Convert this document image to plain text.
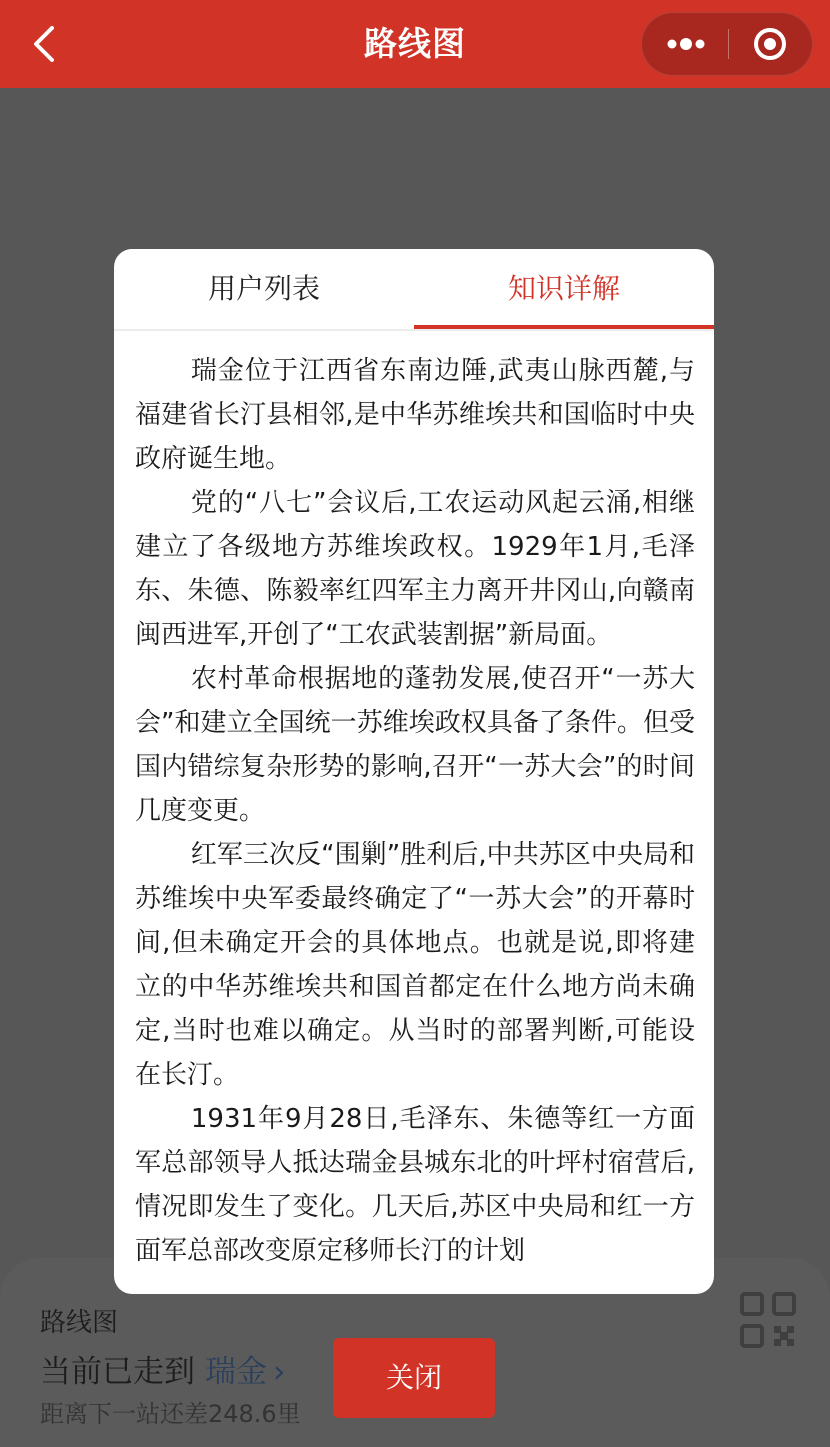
路线图
路线图
当前已走到 瑞金 ›
距离下一站还差248.6里
关闭
用户列表	知识详解

瑞金位于江西省东南边陲,武夷山脉西麓,与福建省长汀县相邻,是中华苏维埃共和国临时中央政府诞生地。

党的“八七”会议后,工农运动风起云涌,相继建立了各级地方苏维埃政权。1929年1月,毛泽东、朱德、陈毅率红四军主力离开井冈山,向赣南闽西进军,开创了“工农武装割据”新局面。

农村革命根据地的蓬勃发展,使召开“一苏大会”和建立全国统一苏维埃政权具备了条件。但受国内错综复杂形势的影响,召开“一苏大会”的时间几度变更。

红军三次反“围剿”胜利后,中共苏区中央局和苏维埃中央军委最终确定了“一苏大会”的开幕时间,但未确定开会的具体地点。也就是说,即将建立的中华苏维埃共和国首都定在什么地方尚未确定,当时也难以确定。从当时的部署判断,可能设在长汀。

1931年9月28日,毛泽东、朱德等红一方面军总部领导人抵达瑞金县城东北的叶坪村宿营后,情况即发生了变化。几天后,苏区中央局和红一方面军总部改变原定移师长汀的计划
